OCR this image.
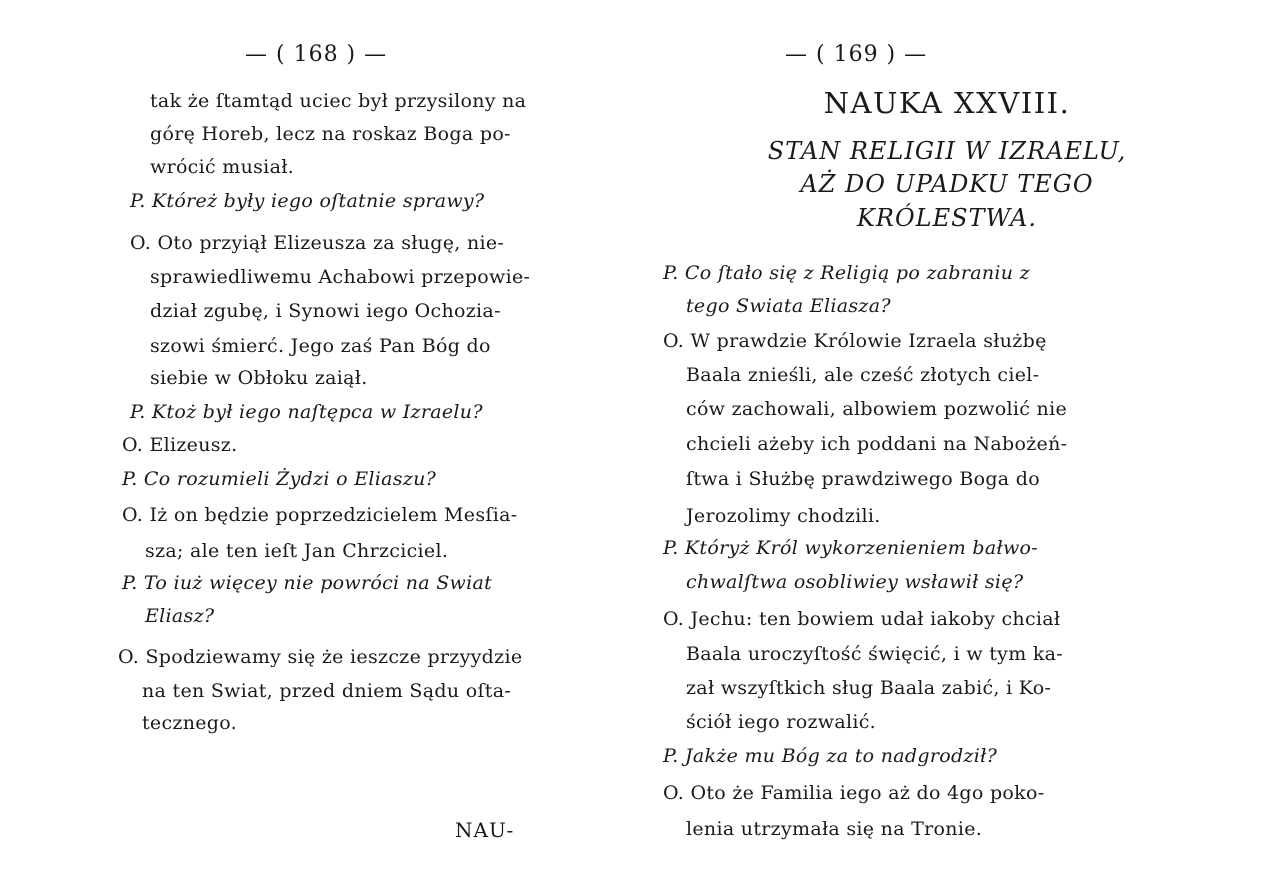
— ( 168 ) —
tak że ſtamtąd uciec był przysilony na
górę Horeb, lecz na roskaz Boga po-
wrócić musiał.
P. Któreż były iego oſtatnie sprawy?
O. Oto przyiął Elizeusza za sługę, nie-
sprawiedliwemu Achabowi przepowie-
dział zgubę, i Synowi iego Ochozia-
szowi śmierć. Jego zaś Pan Bóg do
siebie w Obłoku zaiął.
P. Ktoż był iego naſtępca w Izraelu?
O. Elizeusz.
P. Co rozumieli Żydzi o Eliaszu?
O. Iż on będzie poprzedzicielem Mesſia-
sza; ale ten ieſt Jan Chrzciciel.
P. To iuż więcey nie powróci na Swiat
Eliasz?
O. Spodziewamy się że ieszcze przyydzie
na ten Swiat, przed dniem Sądu oſta-
tecznego.
NAU-
— ( 169 ) —
NAUKA XXVIII.
STAN RELIGII W IZRAELU,
AŻ DO UPADKU TEGO
KRÓLESTWA.
P. Co ſtało się z Religią po zabraniu z
tego Swiata Eliasza?
O. W prawdzie Królowie Izraela służbę
Baala znieśli, ale cześć złotych ciel-
ców zachowali, albowiem pozwolić nie
chcieli ażeby ich poddani na Nabożeń-
ſtwa i Służbę prawdziwego Boga do
Jerozolimy chodzili.
P. Któryż Król wykorzenieniem bałwo-
chwalſtwa osobliwiey wsławił się?
O. Jechu: ten bowiem udał iakoby chciał
Baala uroczyſtość święcić, i w tym ka-
zał wszyſtkich sług Baala zabić, i Ko-
ściół iego rozwalić.
P. Jakże mu Bóg za to nadgrodził?
O. Oto że Familia iego aż do 4go poko-
lenia utrzymała się na Tronie.
